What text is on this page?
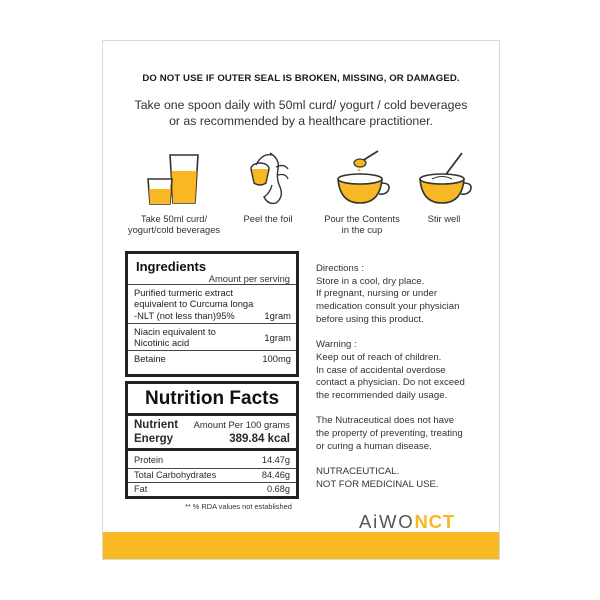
DO NOT USE IF OUTER SEAL IS BROKEN, MISSING, OR DAMAGED.
Take one spoon daily with 50ml curd/ yogurt / cold beverages
or as recommended by a healthcare practitioner.
Take 50ml curd/
yogurt/cold beverages
Peel the foil	Pour the Contents
in the cup
Stir well
Ingredients
Amount per serving
Purified turmeric extract
equivalent to Curcuma longa
-NLT (not less than)95%	1gram
Niacin equivalent to
Nicotinic acid
1gram
Betaine	100mg
Nutrition Facts
Nutrient Amount Per 100 grams
Energy	389.84 kcal
Protein	14.47g
Total Carbohydrates	84.46g
Fat	0.68g
** % RDA values not established

Directions :
Store in a cool, dry place.
If pregnant, nursing or under
medication consult your physician
before using this product.

Warning :
Keep out of reach of children.
In case of accidental overdose
contact a physician. Do not exceed
the recommended daily usage.

The Nutraceutical does not have
the property of preventing, treating
or curing a human disease.

NUTRACEUTICAL.
NOT FOR MEDICINAL USE.

AiWONCT
